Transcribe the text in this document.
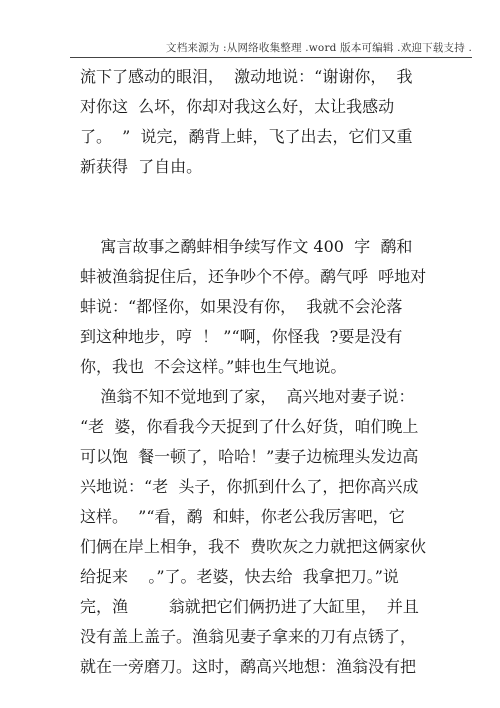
文档来源为 :从网络收集整理 .word 版本可编辑 .欢迎下载支持 .
流下了感动的眼泪，  激动地说：“谢谢你，  我
对你这  么坏，你却对我这么好，太让我感动
了。  ”  说完，鹬背上蚌，飞了出去，它们又重
新获得  了自由。
寓言故事之鹬蚌相争续写作文 400  字  鹬和
蚌被渔翁捉住后，还争吵个不停。鹬气呼  呼地对
蚌说：“都怪你，如果没有你，  我就不会沦落
到这种地步，哼  ！ ”“啊，你怪我  ?要是没有
你，我也  不会这样。”蚌也生气地说。
渔翁不知不觉地到了家，  高兴地对妻子说：
“老  婆，你看我今天捉到了什么好货，咱们晚上
可以饱  餐一顿了，哈哈！”妻子边梳理头发边高
兴地说：“老  头子，你抓到什么了，把你高兴成
这样。  ”“看，鹬  和蚌，你老公我厉害吧，它
们俩在岸上相争，我不  费吹灰之力就把这俩家伙
给捉来    。”了。老婆，快去给  我拿把刀。”说
完，渔        翁就把它们俩扔进了大缸里，  并且
没有盖上盖子。渔翁见妻子拿来的刀有点锈了，
就在一旁磨刀。这时，鹬高兴地想：渔翁没有把
